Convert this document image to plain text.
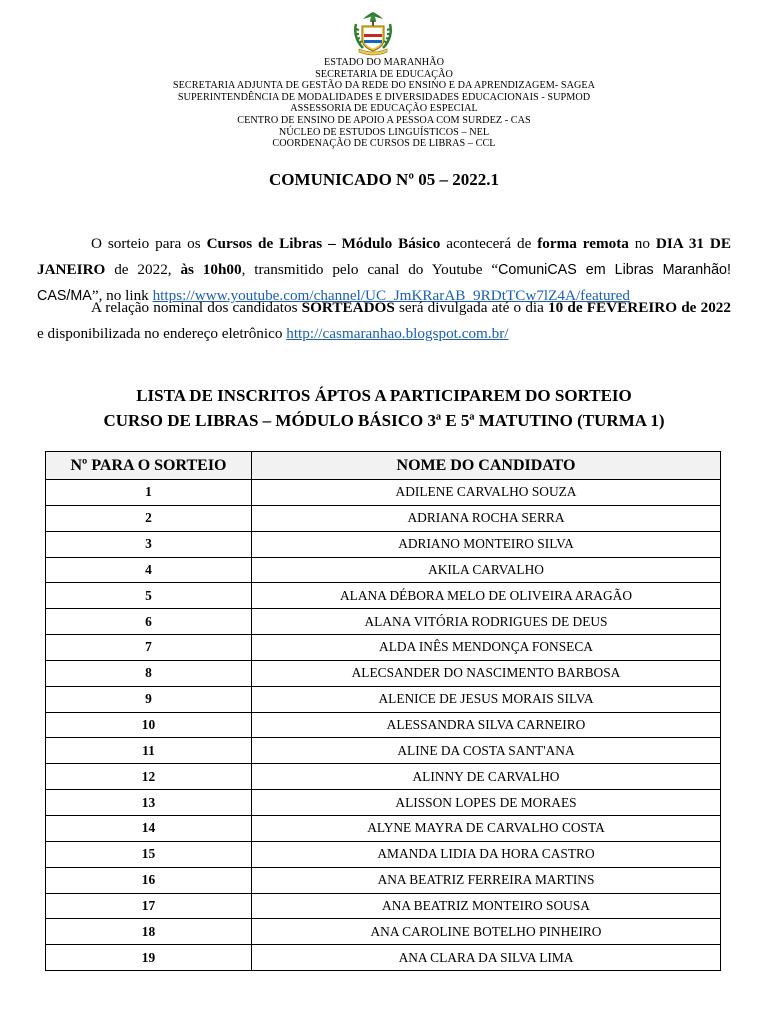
ESTADO DO MARANHÃO
SECRETARIA DE EDUCAÇÃO
SECRETARIA ADJUNTA DE GESTÃO DA REDE DO ENSINO E DA APRENDIZAGEM- SAGEA
SUPERINTENDÊNCIA DE MODALIDADES E DIVERSIDADES EDUCACIONAIS - SUPMOD
ASSESSORIA DE EDUCAÇÃO ESPECIAL
CENTRO DE ENSINO DE APOIO A PESSOA COM SURDEZ - CAS
NÚCLEO DE ESTUDOS LINGUÍSTICOS – NEL
COORDENAÇÃO DE CURSOS DE LIBRAS – CCL
COMUNICADO Nº 05 – 2022.1

O sorteio para os Cursos de Libras – Módulo Básico acontecerá de forma remota no DIA 31 DE JANEIRO de 2022, às 10h00, transmitido pelo canal do Youtube “ComuniCAS em Libras Maranhão! CAS/MA”, no link https://www.youtube.com/channel/UC_JmKRarAB_9RDtTCw7lZ4A/featured

A relação nominal dos candidatos SORTEADOS será divulgada até o dia 10 de FEVEREIRO de 2022 e disponibilizada no endereço eletrônico http://casmaranhao.blogspot.com.br/

LISTA DE INSCRITOS ÁPTOS A PARTICIPAREM DO SORTEIO
CURSO DE LIBRAS – MÓDULO BÁSICO 3ª E 5ª MATUTINO (TURMA 1)
Nº PARA O SORTEIO	NOME DO CANDIDATO
1	ADILENE CARVALHO SOUZA
2	ADRIANA ROCHA SERRA
3	ADRIANO MONTEIRO SILVA
4	AKILA CARVALHO
5	ALANA DÉBORA MELO DE OLIVEIRA ARAGÃO
6	ALANA VITÓRIA RODRIGUES DE DEUS
7	ALDA INÊS MENDONÇA FONSECA
8	ALECSANDER DO NASCIMENTO BARBOSA
9	ALENICE DE JESUS MORAIS SILVA
10	ALESSANDRA SILVA CARNEIRO
11	ALINE DA COSTA SANT'ANA
12	ALINNY DE CARVALHO
13	ALISSON LOPES DE MORAES
14	ALYNE MAYRA DE CARVALHO COSTA
15	AMANDA LIDIA DA HORA CASTRO
16	ANA BEATRIZ FERREIRA MARTINS
17	ANA BEATRIZ MONTEIRO SOUSA
18	ANA CAROLINE BOTELHO PINHEIRO
19	ANA CLARA DA SILVA LIMA
